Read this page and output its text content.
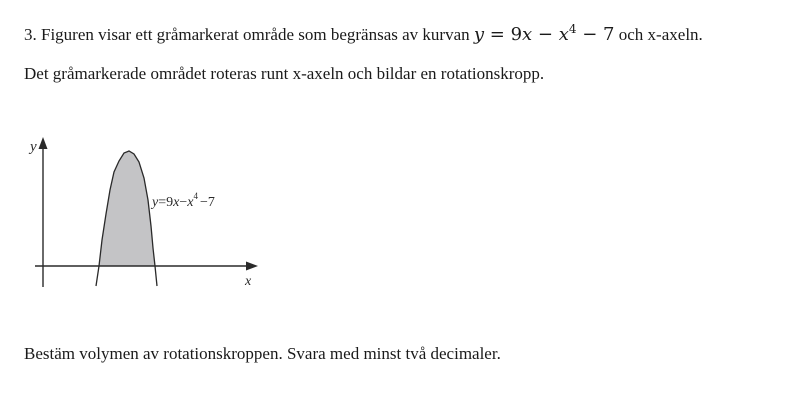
3. Figuren visar ett gråmarkerat område som begränsas av kurvan $y = 9x - x^4 - 7$ och x-axeln.
Det gråmarkerade området roteras runt x-axeln och bildar en rotationskropp.
y
x
$y=9x-x^4 -7$
Bestäm volymen av rotationskroppen. Svara med minst två decimaler.
